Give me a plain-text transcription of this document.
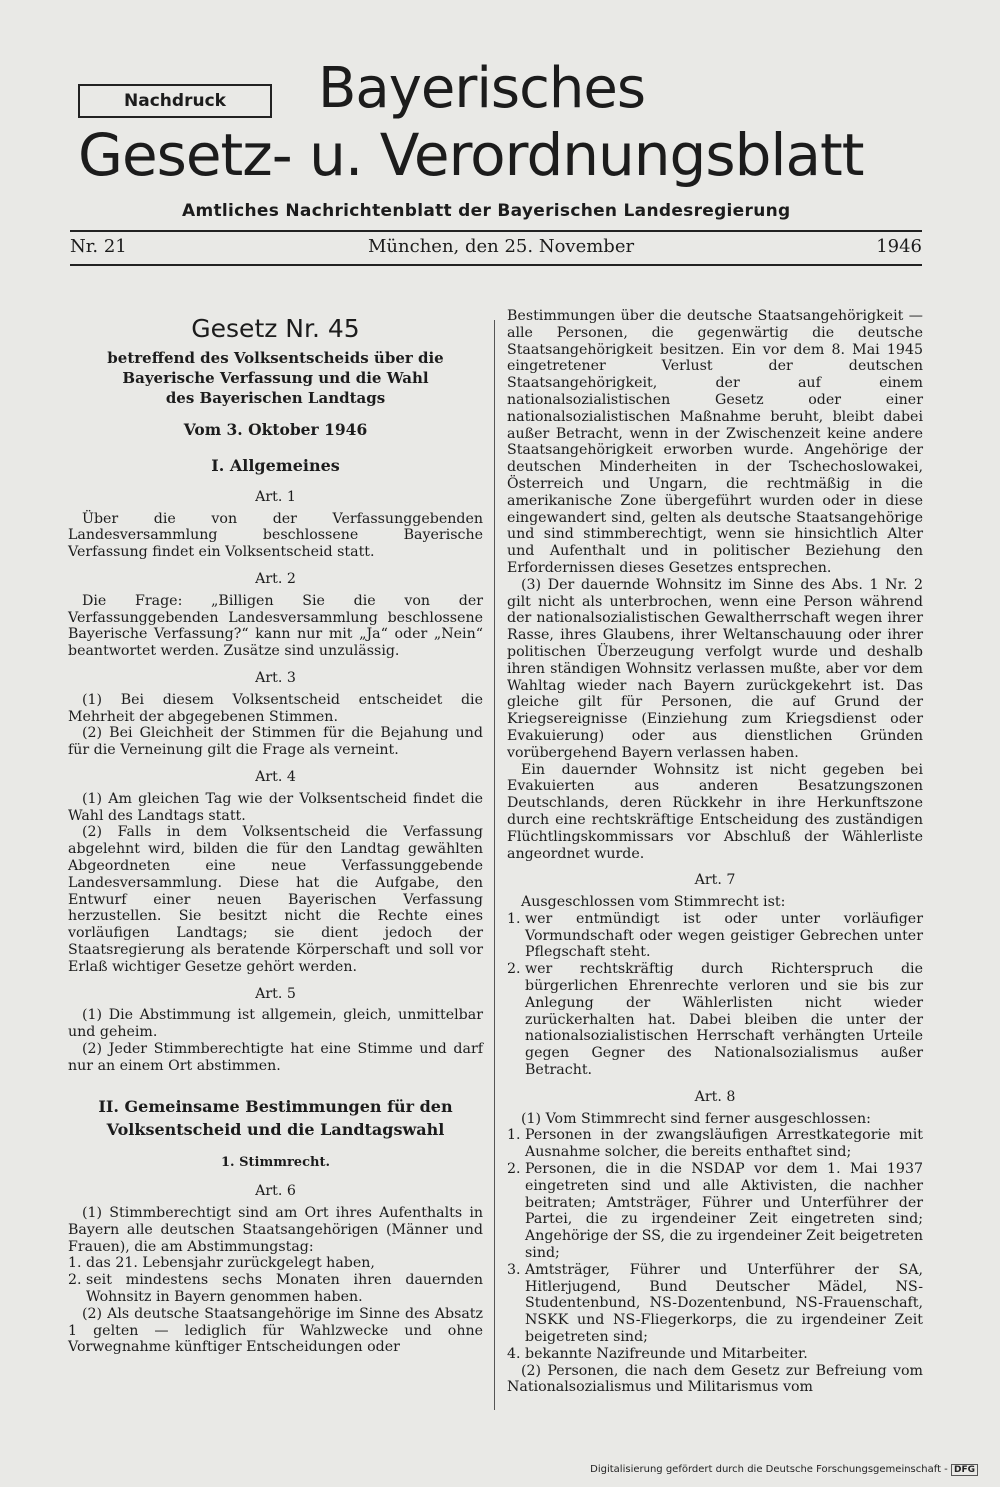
Nachdruck	Bayerisches
Gesetz- u. Verordnungsblatt
Amtliches Nachrichtenblatt der Bayerischen Landesregierung
Nr. 21	München, den 25. November	1946

Gesetz Nr. 45

betreffend des Volksentscheids über die

Bayerische Verfassung und die Wahl

des Bayerischen Landtags

Vom 3. Oktober 1946

I. Allgemeines

Art. 1

Über die von der Verfassunggebenden Landesversammlung beschlossene Bayerische Verfassung findet ein Volksentscheid statt.

Art. 2

Die Frage: „Billigen Sie die von der Verfassunggebenden Landesversammlung beschlossene Bayerische Verfassung?“ kann nur mit „Ja“ oder „Nein“ beantwortet werden. Zusätze sind unzulässig.

Art. 3

(1) Bei diesem Volksentscheid entscheidet die Mehrheit der abgegebenen Stimmen.

(2) Bei Gleichheit der Stimmen für die Bejahung und für die Verneinung gilt die Frage als verneint.

Art. 4

(1) Am gleichen Tag wie der Volksentscheid findet die Wahl des Landtags statt.

(2) Falls in dem Volksentscheid die Verfassung abgelehnt wird, bilden die für den Landtag gewählten Abgeordneten eine neue Verfassunggebende Landesversammlung. Diese hat die Aufgabe, den Entwurf einer neuen Bayerischen Verfassung herzustellen. Sie besitzt nicht die Rechte eines vorläufigen Landtags; sie dient jedoch der Staatsregierung als beratende Körperschaft und soll vor Erlaß wichtiger Gesetze gehört werden.

Art. 5

(1) Die Abstimmung ist allgemein, gleich, unmittelbar und geheim.

(2) Jeder Stimmberechtigte hat eine Stimme und darf nur an einem Ort abstimmen.

II. Gemeinsame Bestimmungen für den
Volksentscheid und die Landtagswahl

1. Stimmrecht.

Art. 6

(1) Stimmberechtigt sind am Ort ihres Aufenthalts in Bayern alle deutschen Staatsangehörigen (Männer und Frauen), die am Abstimmungstag:

1. das 21. Lebensjahr zurückgelegt haben,
2. seit mindestens sechs Monaten ihren dauernden Wohnsitz in Bayern genommen haben.

(2) Als deutsche Staatsangehörige im Sinne des Absatz 1 gelten — lediglich für Wahlzwecke und ohne Vorwegnahme künftiger Entscheidungen oder

Bestimmungen über die deutsche Staatsangehörigkeit — alle Personen, die gegenwärtig die deutsche Staatsangehörigkeit besitzen. Ein vor dem 8. Mai 1945 eingetretener Verlust der deutschen Staatsangehörigkeit, der auf einem nationalsozialistischen Gesetz oder einer nationalsozialistischen Maßnahme beruht, bleibt dabei außer Betracht, wenn in der Zwischenzeit keine andere Staatsangehörigkeit erworben wurde. Angehörige der deutschen Minderheiten in der Tschechoslowakei, Österreich und Ungarn, die rechtmäßig in die amerikanische Zone übergeführt wurden oder in diese eingewandert sind, gelten als deutsche Staatsangehörige und sind stimmberechtigt, wenn sie hinsichtlich Alter und Aufenthalt und in politischer Beziehung den Erfordernissen dieses Gesetzes entsprechen.

(3) Der dauernde Wohnsitz im Sinne des Abs. 1 Nr. 2 gilt nicht als unterbrochen, wenn eine Person während der nationalsozialistischen Gewaltherrschaft wegen ihrer Rasse, ihres Glaubens, ihrer Weltanschauung oder ihrer politischen Überzeugung verfolgt wurde und deshalb ihren ständigen Wohnsitz verlassen mußte, aber vor dem Wahltag wieder nach Bayern zurückgekehrt ist. Das gleiche gilt für Personen, die auf Grund der Kriegsereignisse (Einziehung zum Kriegsdienst oder Evakuierung) oder aus dienstlichen Gründen vorübergehend Bayern verlassen haben.

Ein dauernder Wohnsitz ist nicht gegeben bei Evakuierten aus anderen Besatzungszonen Deutschlands, deren Rückkehr in ihre Herkunftszone durch eine rechtskräftige Entscheidung des zuständigen Flüchtlingskommissars vor Abschluß der Wählerliste angeordnet wurde.

Art. 7

Ausgeschlossen vom Stimmrecht ist:

1. wer entmündigt ist oder unter vorläufiger Vormundschaft oder wegen geistiger Gebrechen unter Pflegschaft steht.
2. wer rechtskräftig durch Richterspruch die bürgerlichen Ehrenrechte verloren und sie bis zur Anlegung der Wählerlisten nicht wieder zurückerhalten hat. Dabei bleiben die unter der nationalsozialistischen Herrschaft verhängten Urteile gegen Gegner des Nationalsozialismus außer Betracht.

Art. 8

(1) Vom Stimmrecht sind ferner ausgeschlossen:

1. Personen in der zwangsläufigen Arrestkategorie mit Ausnahme solcher, die bereits enthaftet sind;
2. Personen, die in die NSDAP vor dem 1. Mai 1937 eingetreten sind und alle Aktivisten, die nachher beitraten; Amtsträger, Führer und Unterführer der Partei, die zu irgendeiner Zeit eingetreten sind; Angehörige der SS, die zu irgendeiner Zeit beigetreten sind;
3. Amtsträger, Führer und Unterführer der SA, Hitlerjugend, Bund Deutscher Mädel, NS-Studentenbund, NS-Dozentenbund, NS-Frauenschaft, NSKK und NS-Fliegerkorps, die zu irgendeiner Zeit beigetreten sind;
4. bekannte Nazifreunde und Mitarbeiter.

(2) Personen, die nach dem Gesetz zur Befreiung vom Nationalsozialismus und Militarismus vom

Digitalisierung gefördert durch die Deutsche Forschungsgemeinschaft - DFG
